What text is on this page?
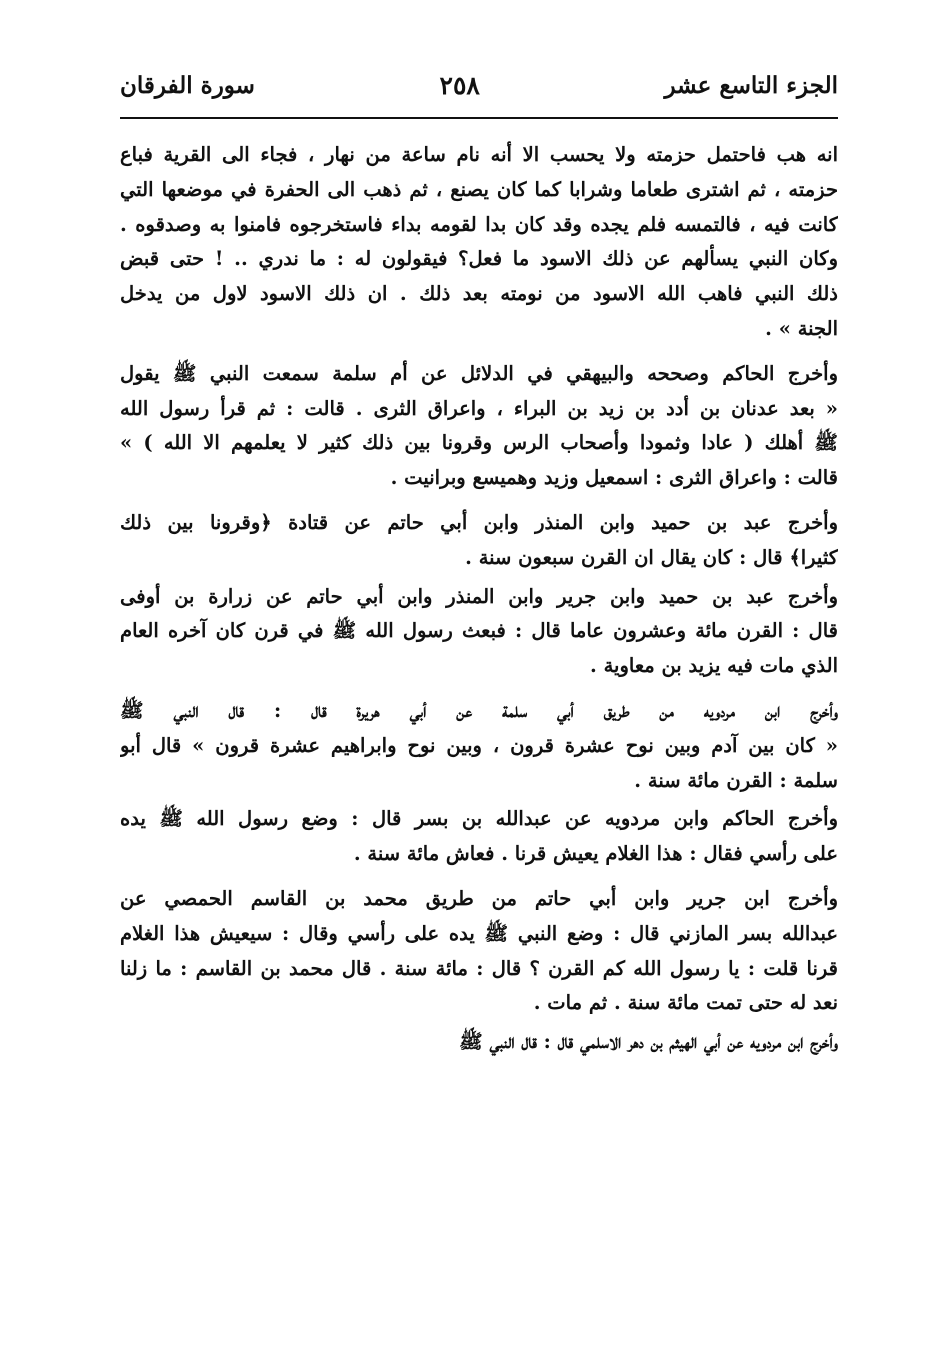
الجزء التاسع عشر
٢٥٨
سورة الفرقان
انه هب فاحتمل حزمته ولا يحسب الا أنه نام ساعة من نهار ، فجاء الى القرية فباع
حزمته ، ثم اشترى طعاما وشرابا كما كان يصنع ، ثم ذهب الى الحفرة في موضعها التي
كانت فيه ، فالتمسه فلم يجده وقد كان بدا لقومه بداء فاستخرجوه فامنوا به وصدقوه .
وكان النبي يسألهم عن ذلك الاسود ما فعل؟ فيقولون له : ما ندري .. ! حتى قبض
ذلك النبي فاهب الله الاسود من نومته بعد ذلك . ان ذلك الاسود لاول من يدخل
الجنة » .
وأخرج الحاكم وصححه والبيهقي في الدلائل عن أم سلمة سمعت النبي ﷺ يقول
« بعد عدنان بن أدد بن زيد بن البراء ، واعراق الثرى . قالت : ثم قرأ رسول الله
ﷺ أهلك ( عادا وثمودا وأصحاب الرس وقرونا بين ذلك كثير لا يعلمهم الا الله ) »
قالت : واعراق الثرى : اسمعيل وزيد وهميسع وبرانيت .
وأخرج عبد بن حميد وابن المنذر وابن أبي حاتم عن قتادة ﴿وقرونا بين ذلك
كثيرا﴾ قال : كان يقال ان القرن سبعون سنة .
وأخرج عبد بن حميد وابن جرير وابن المنذر وابن أبي حاتم عن زرارة بن أوفى
قال : القرن مائة وعشرون عاما قال : فبعث رسول الله ﷺ في قرن كان آخره العام
الذي مات فيه يزيد بن معاوية .
وأخرج ابن مردويه من طريق أبي سلمة عن أبي هريرة قال : قال النبي ﷺ
« كان بين آدم وبين نوح عشرة قرون ، وبين نوح وابراهيم عشرة قرون » قال أبو
سلمة : القرن مائة سنة .
وأخرج الحاكم وابن مردويه عن عبدالله بن بسر قال : وضع رسول الله ﷺ يده
على رأسي فقال : هذا الغلام يعيش قرنا . فعاش مائة سنة .
وأخرج ابن جرير وابن أبي حاتم من طريق محمد بن القاسم الحمصي عن
عبدالله بسر المازني قال : وضع النبي ﷺ يده على رأسي وقال : سيعيش هذا الغلام
قرنا قلت : يا رسول الله كم القرن ؟ قال : مائة سنة . قال محمد بن القاسم : ما زلنا
نعد له حتى تمت مائة سنة . ثم مات .
وأخرج ابن مردويه عن أبي الهيثم بن دهر الاسلمي قال : قال النبي ﷺ
